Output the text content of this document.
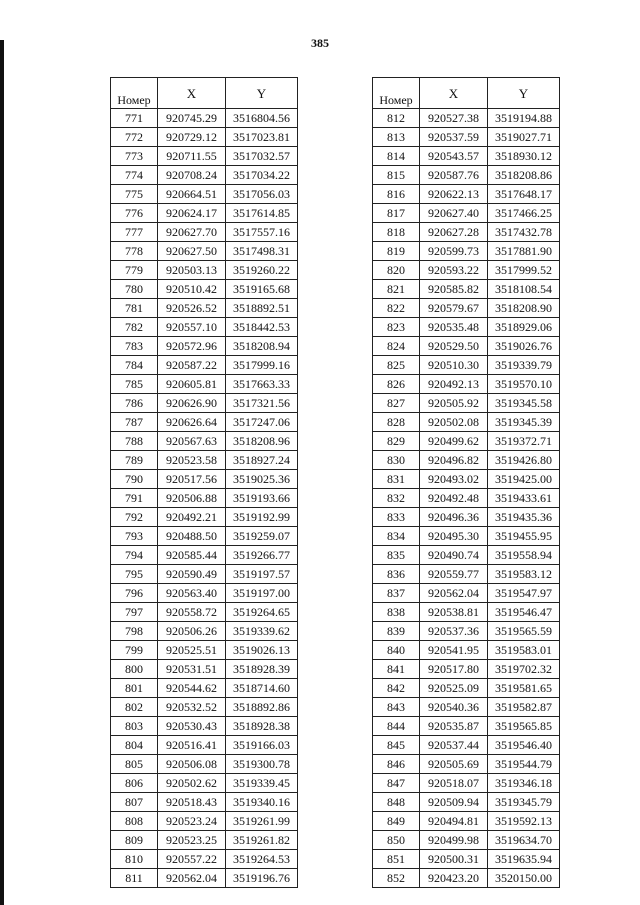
385
Номер	X	Y
771	920745.29	3516804.56
772	920729.12	3517023.81
773	920711.55	3517032.57
774	920708.24	3517034.22
775	920664.51	3517056.03
776	920624.17	3517614.85
777	920627.70	3517557.16
778	920627.50	3517498.31
779	920503.13	3519260.22
780	920510.42	3519165.68
781	920526.52	3518892.51
782	920557.10	3518442.53
783	920572.96	3518208.94
784	920587.22	3517999.16
785	920605.81	3517663.33
786	920626.90	3517321.56
787	920626.64	3517247.06
788	920567.63	3518208.96
789	920523.58	3518927.24
790	920517.56	3519025.36
791	920506.88	3519193.66
792	920492.21	3519192.99
793	920488.50	3519259.07
794	920585.44	3519266.77
795	920590.49	3519197.57
796	920563.40	3519197.00
797	920558.72	3519264.65
798	920506.26	3519339.62
799	920525.51	3519026.13
800	920531.51	3518928.39
801	920544.62	3518714.60
802	920532.52	3518892.86
803	920530.43	3518928.38
804	920516.41	3519166.03
805	920506.08	3519300.78
806	920502.62	3519339.45
807	920518.43	3519340.16
808	920523.24	3519261.99
809	920523.25	3519261.82
810	920557.22	3519264.53
811	920562.04	3519196.76
Номер	X	Y
812	920527.38	3519194.88
813	920537.59	3519027.71
814	920543.57	3518930.12
815	920587.76	3518208.86
816	920622.13	3517648.17
817	920627.40	3517466.25
818	920627.28	3517432.78
819	920599.73	3517881.90
820	920593.22	3517999.52
821	920585.82	3518108.54
822	920579.67	3518208.90
823	920535.48	3518929.06
824	920529.50	3519026.76
825	920510.30	3519339.79
826	920492.13	3519570.10
827	920505.92	3519345.58
828	920502.08	3519345.39
829	920499.62	3519372.71
830	920496.82	3519426.80
831	920493.02	3519425.00
832	920492.48	3519433.61
833	920496.36	3519435.36
834	920495.30	3519455.95
835	920490.74	3519558.94
836	920559.77	3519583.12
837	920562.04	3519547.97
838	920538.81	3519546.47
839	920537.36	3519565.59
840	920541.95	3519583.01
841	920517.80	3519702.32
842	920525.09	3519581.65
843	920540.36	3519582.87
844	920535.87	3519565.85
845	920537.44	3519546.40
846	920505.69	3519544.79
847	920518.07	3519346.18
848	920509.94	3519345.79
849	920494.81	3519592.13
850	920499.98	3519634.70
851	920500.31	3519635.94
852	920423.20	3520150.00
